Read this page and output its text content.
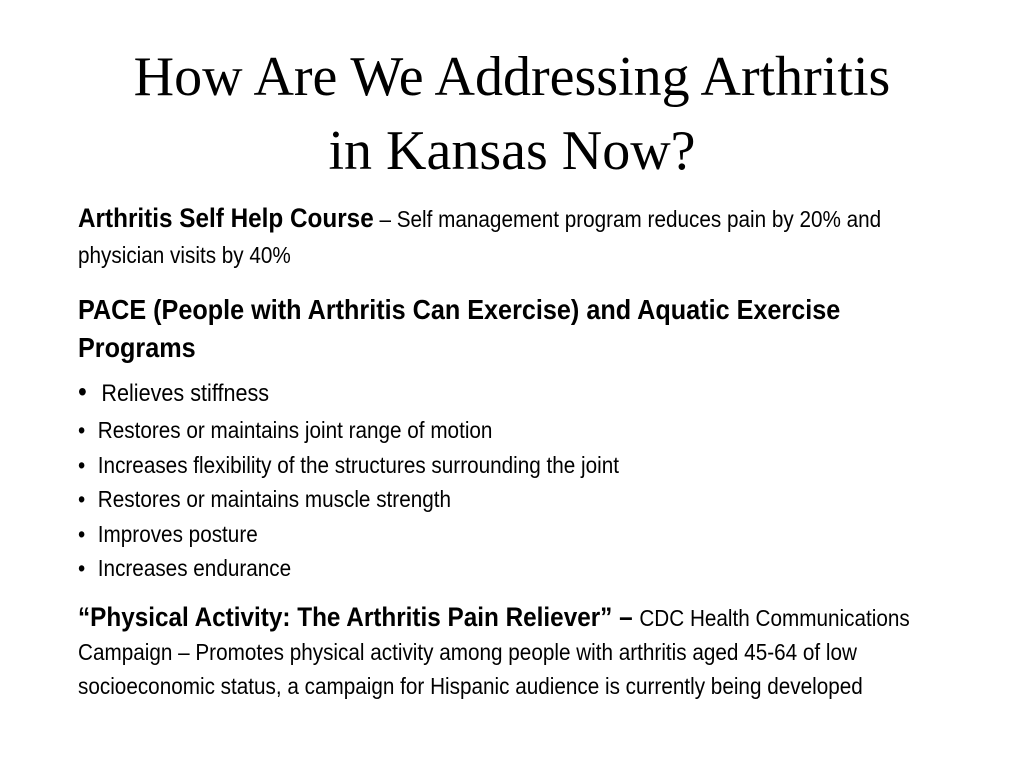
How Are We Addressing Arthritis
in Kansas Now?

Arthritis Self Help Course – Self management program reduces pain by 20% and physician visits by 40%

PACE (People with Arthritis Can Exercise) and Aquatic Exercise Programs

• Relieves stiffness
• Restores or maintains joint range of motion
• Increases flexibility of the structures surrounding the joint
• Restores or maintains muscle strength
• Improves posture
• Increases endurance

“Physical Activity: The Arthritis Pain Reliever” – CDC Health Communications Campaign – Promotes physical activity among people with arthritis aged 45-64 of low socioeconomic status, a campaign for Hispanic audience is currently being developed
